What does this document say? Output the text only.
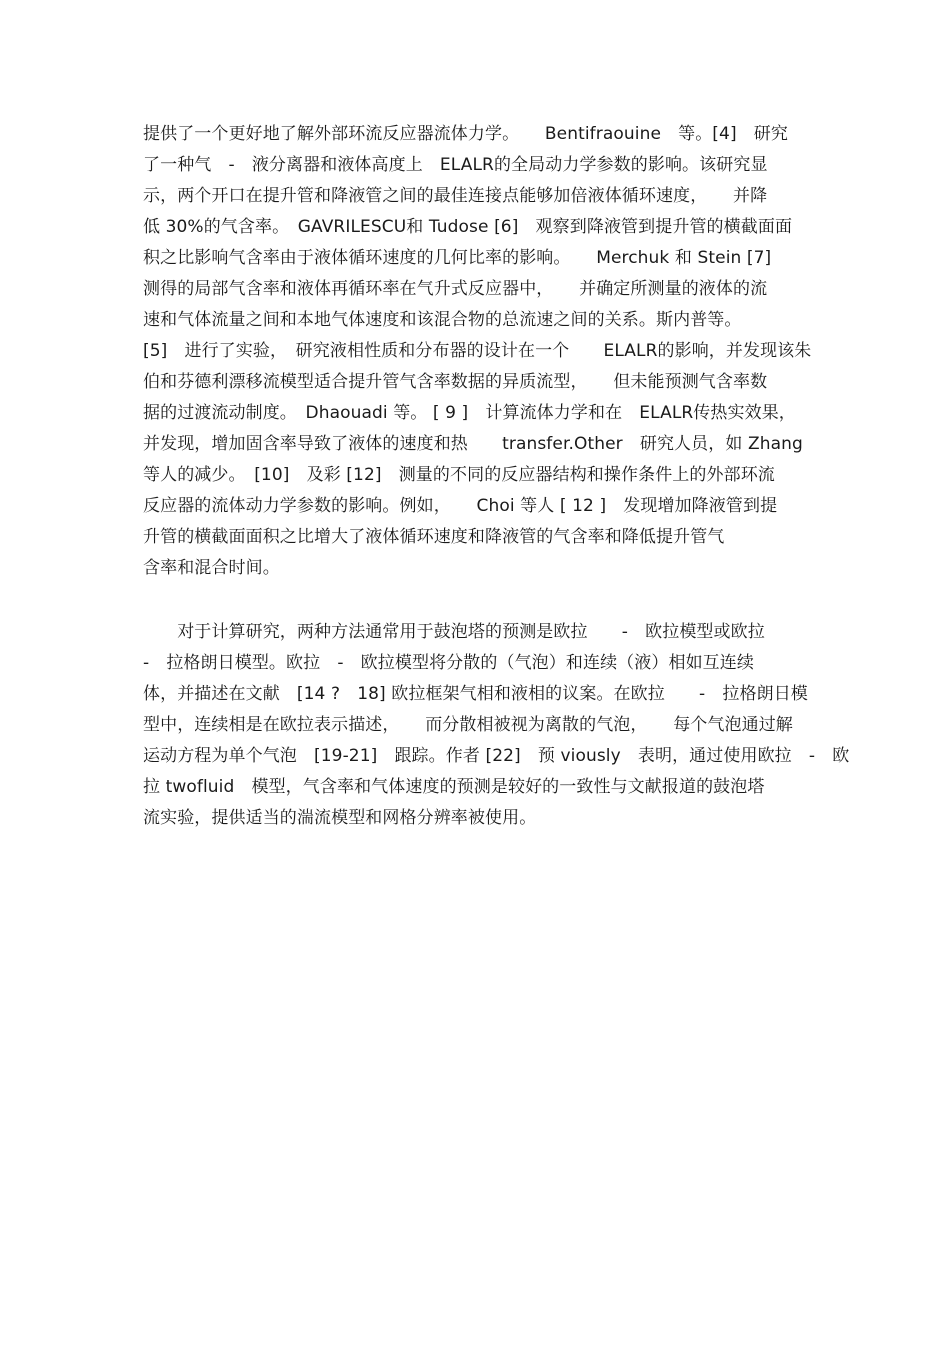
提供了一个更好地了解外部环流反应器流体力学。　　Bentifraouine　等。[4]　研究
了一种气　-　液分离器和液体高度上　ELALR的全局动力学参数的影响。该研究显
示，两个开口在提升管和降液管之间的最佳连接点能够加倍液体循环速度，　　并降
低 30%的气含率。　GAVRILESCU和 Tudose [6]　观察到降液管到提升管的横截面面
积之比影响气含率由于液体循环速度的几何比率的影响。　　Merchuk 和 Stein [7]
测得的局部气含率和液体再循环率在气升式反应器中，　　并确定所测量的液体的流
速和气体流量之间和本地气体速度和该混合物的总流速之间的关系。斯内普等。
[5]　进行了实验，　研究液相性质和分布器的设计在一个　　ELALR的影响，并发现该朱
伯和芬德利漂移流模型适合提升管气含率数据的异质流型，　　但未能预测气含率数
据的过渡流动制度。　Dhaouadi 等。 [ 9 ]　计算流体力学和在　ELALR传热实效果，
并发现，增加固含率导致了液体的速度和热　　transfer.Other　研究人员，如 Zhang
等人的减少。　[10]　及彩 [12]　测量的不同的反应器结构和操作条件上的外部环流
反应器的流体动力学参数的影响。例如，　　Choi 等人 [ 12 ]　发现增加降液管到提
升管的横截面面积之比增大了液体循环速度和降液管的气含率和降低提升管气
含率和混合时间。
　　对于计算研究，两种方法通常用于鼓泡塔的预测是欧拉　　-　欧拉模型或欧拉
-　拉格朗日模型。欧拉　-　欧拉模型将分散的（气泡）和连续（液）相如互连续
体，并描述在文献　[14 ?　18] 欧拉框架气相和液相的议案。在欧拉　　-　拉格朗日模
型中，连续相是在欧拉表示描述，　　而分散相被视为离散的气泡，　　每个气泡通过解
运动方程为单个气泡　[19-21]　跟踪。作者 [22]　预 viously　表明，通过使用欧拉　-　欧
拉 twofluid　模型，气含率和气体速度的预测是较好的一致性与文献报道的鼓泡塔
流实验，提供适当的湍流模型和网格分辨率被使用。
